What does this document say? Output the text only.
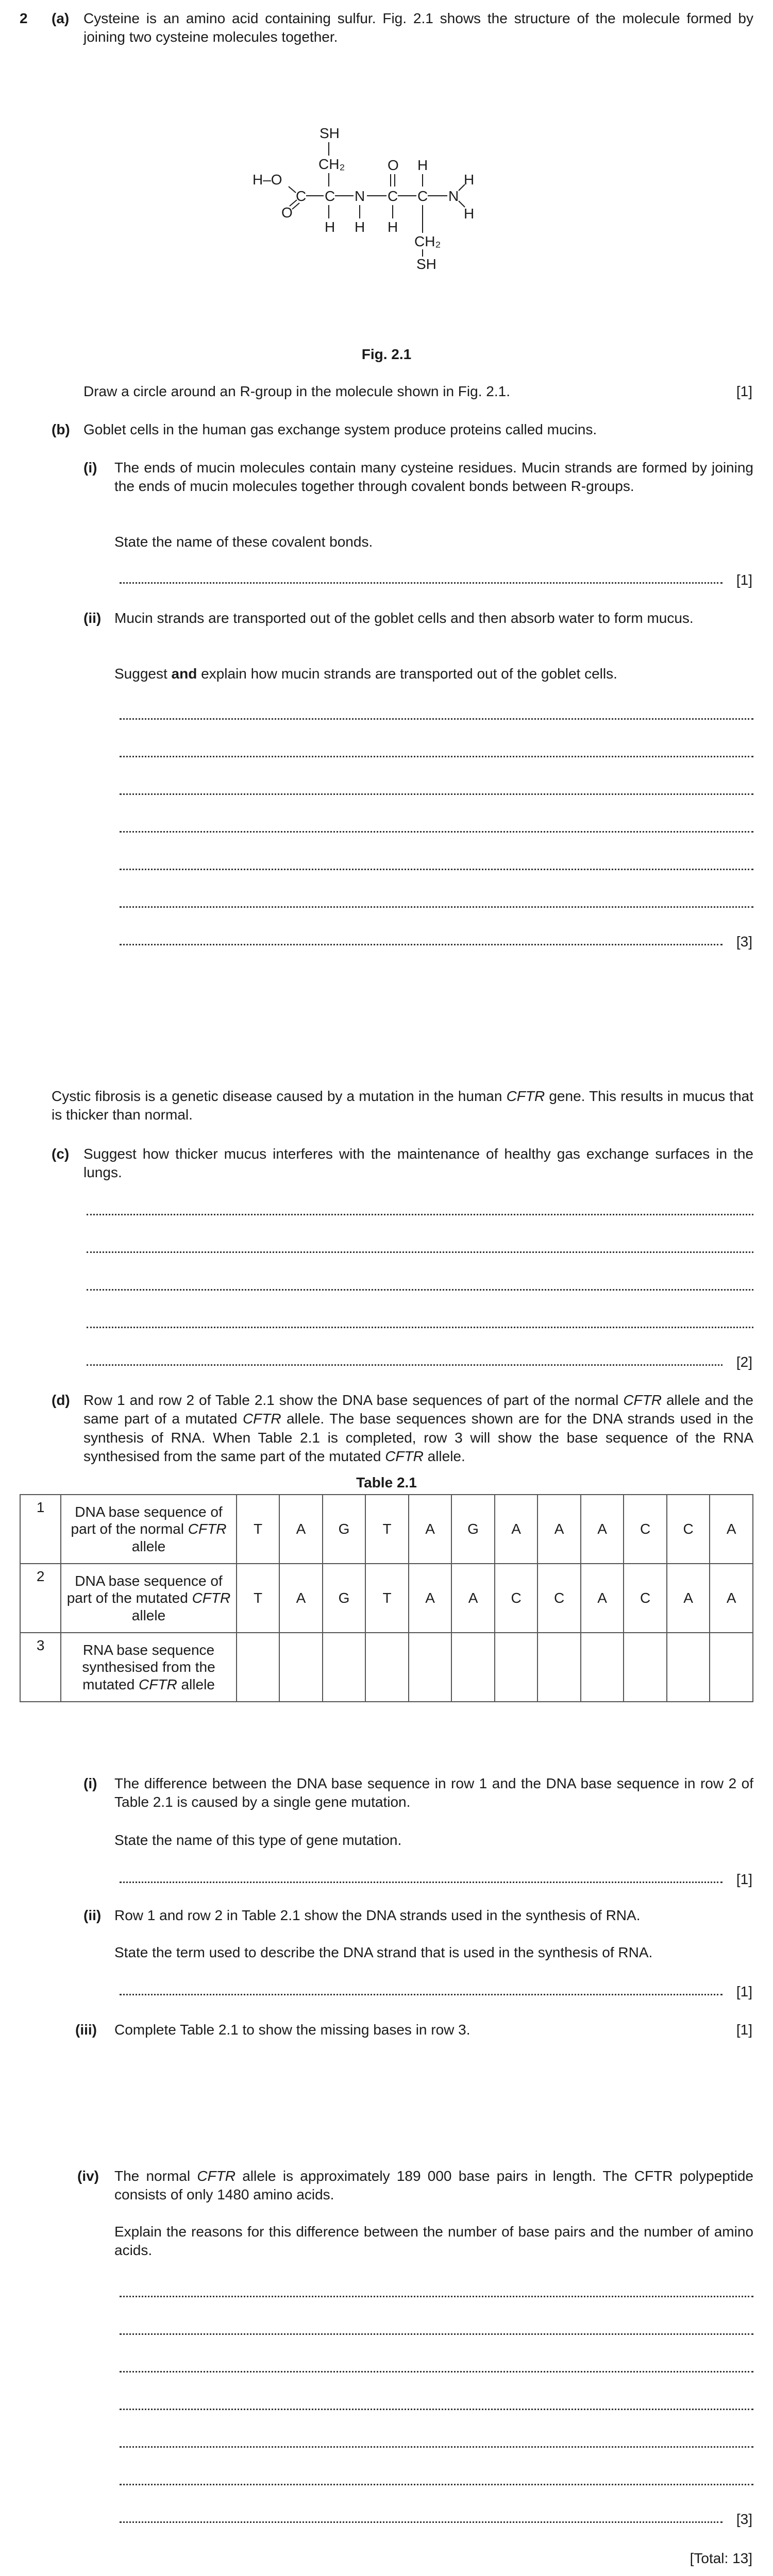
2 (a) Cysteine is an amino acid containing sulfur. Fig. 2.1 shows the structure of the molecule formed by joining two cysteine molecules together.
SH
CH₂
H–O
O
C C N C C N
H
H
O H
H H H
CH₂
SH
Fig. 2.1
Draw a circle around an R-group in the molecule shown in Fig. 2.1.	[1]
(b) Goblet cells in the human gas exchange system produce proteins called mucins.
(i) The ends of mucin molecules contain many cysteine residues. Mucin strands are formed by joining the ends of mucin molecules together through covalent bonds between R-groups.
State the name of these covalent bonds.
[1]
(ii) Mucin strands are transported out of the goblet cells and then absorb water to form mucus.
Suggest and explain how mucin strands are transported out of the goblet cells.
[3]
Cystic fibrosis is a genetic disease caused by a mutation in the human CFTR gene. This results in mucus that is thicker than normal.
(c) Suggest how thicker mucus interferes with the maintenance of healthy gas exchange surfaces in the lungs.
[2]
(d) Row 1 and row 2 of Table 2.1 show the DNA base sequences of part of the normal CFTR allele and the same part of a mutated CFTR allele. The base sequences shown are for the DNA strands used in the synthesis of RNA. When Table 2.1 is completed, row 3 will show the base sequence of the RNA synthesised from the same part of the mutated CFTR allele.
Table 2.1
1	DNA base sequence of part of the normal CFTR allele	T	A	G	T	A	G	A	A	A	C	C	A
2	DNA base sequence of part of the mutated CFTR allele	T	A	G	T	A	A	C	C	A	C	A	A
3	RNA base sequence synthesised from the mutated CFTR allele												
(i) The difference between the DNA base sequence in row 1 and the DNA base sequence in row 2 of Table 2.1 is caused by a single gene mutation.
State the name of this type of gene mutation.
[1]
(ii) Row 1 and row 2 in Table 2.1 show the DNA strands used in the synthesis of RNA.
State the term used to describe the DNA strand that is used in the synthesis of RNA.
[1]
(iii) Complete Table 2.1 to show the missing bases in row 3.	[1]
(iv) The normal CFTR allele is approximately 189 000 base pairs in length. The CFTR polypeptide consists of only 1480 amino acids.
Explain the reasons for this difference between the number of base pairs and the number of amino acids.
[3]
[Total: 13]
